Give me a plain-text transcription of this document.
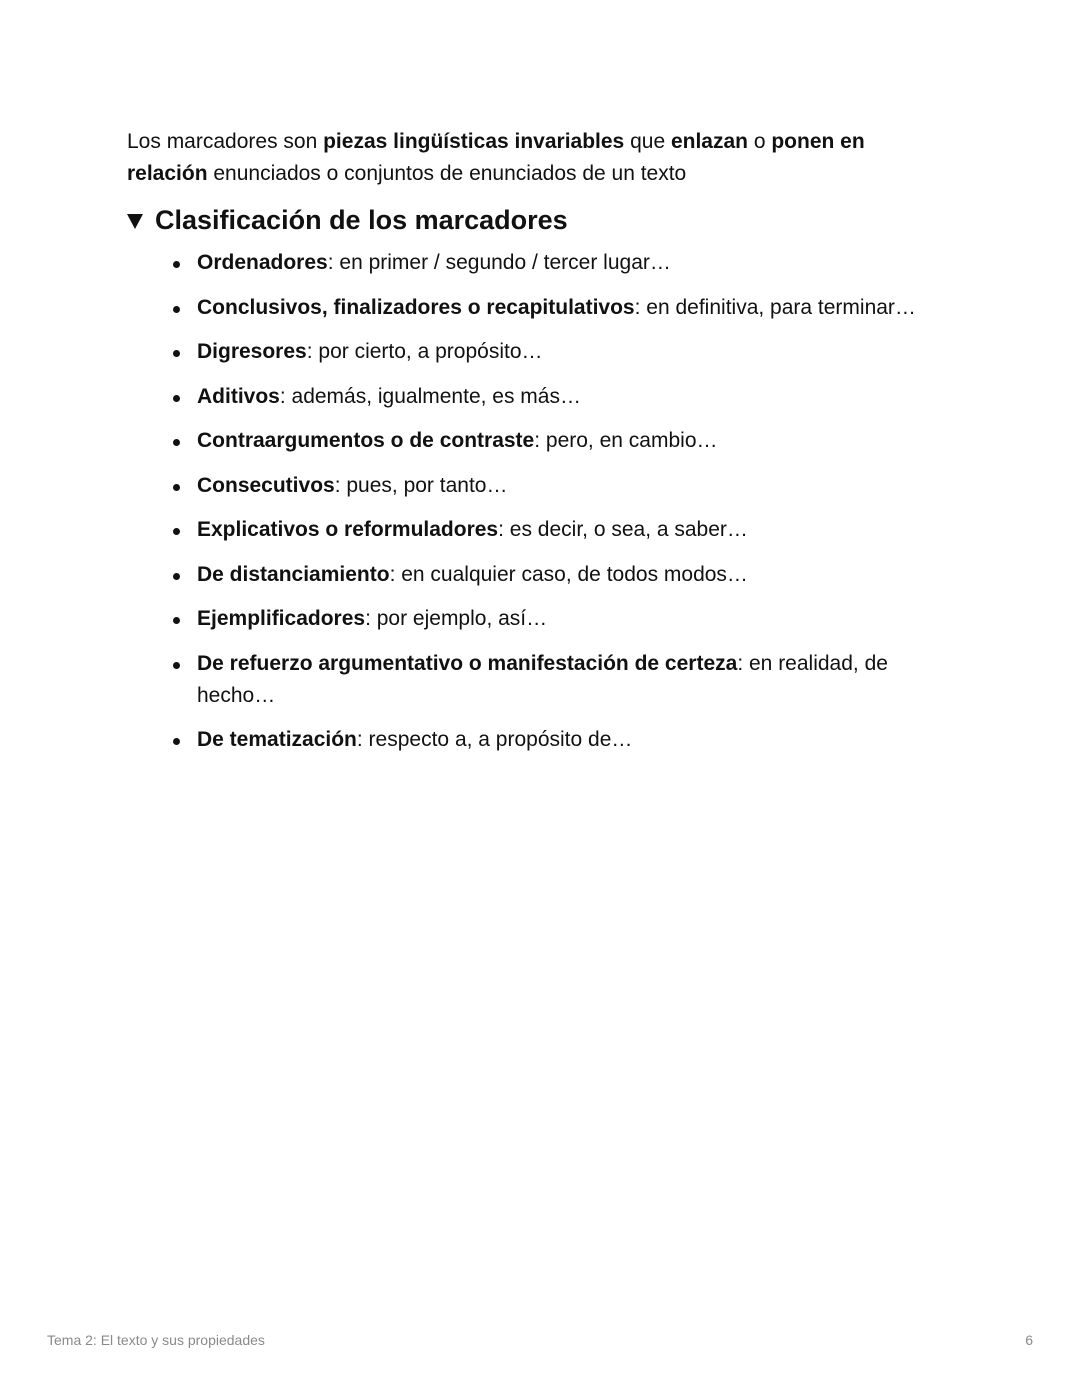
Los marcadores son piezas lingüísticas invariables que enlazan o ponen en relación enunciados o conjuntos de enunciados de un texto

Clasificación de los marcadores
Ordenadores: en primer / segundo / tercer lugar…
Conclusivos, finalizadores o recapitulativos: en definitiva, para terminar…
Digresores: por cierto, a propósito…
Aditivos: además, igualmente, es más…
Contraargumentos o de contraste: pero, en cambio…
Consecutivos: pues, por tanto…
Explicativos o reformuladores: es decir, o sea, a saber…
De distanciamiento: en cualquier caso, de todos modos…
Ejemplificadores: por ejemplo, así…
De refuerzo argumentativo o manifestación de certeza: en realidad, de hecho…
De tematización: respecto a, a propósito de…
Tema 2: El texto y sus propiedades	6
